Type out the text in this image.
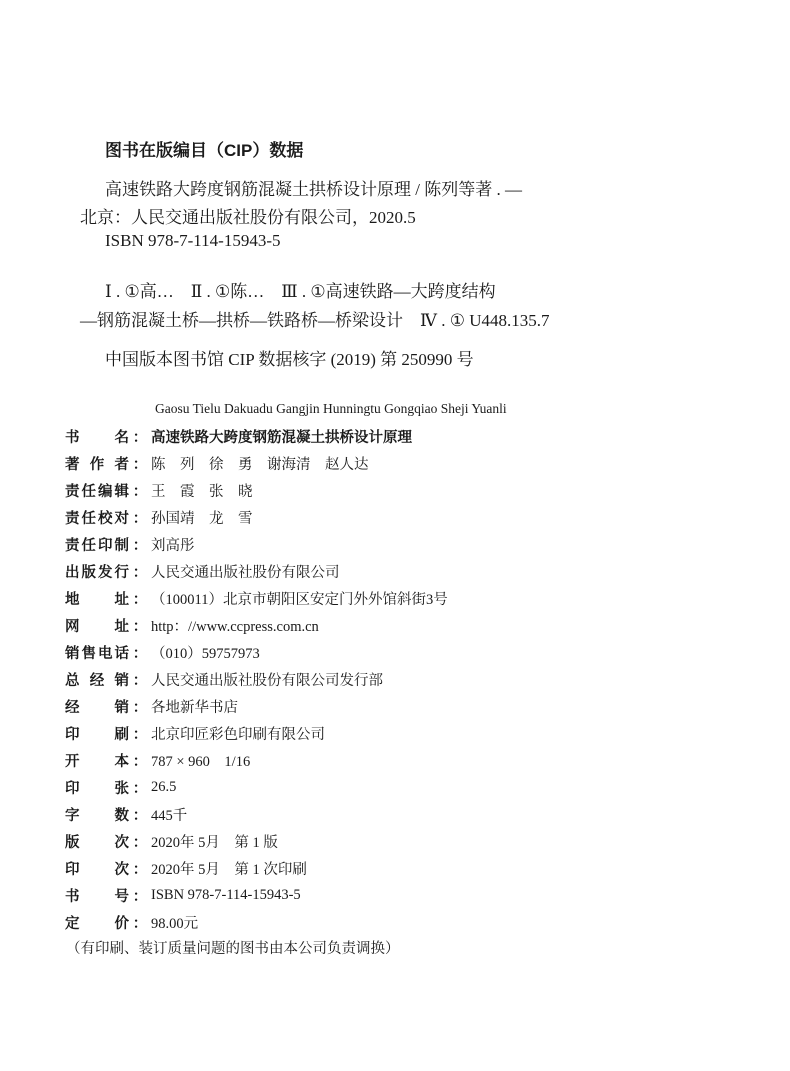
图书在版编目（CIP）数据
高速铁路大跨度钢筋混凝土拱桥设计原理 / 陈列等著 . —
北京：人民交通出版社股份有限公司，2020.5
ISBN 978-7-114-15943-5
Ⅰ . ①高…　Ⅱ . ①陈…　Ⅲ . ①高速铁路—大跨度结构
—钢筋混凝土桥—拱桥—铁路桥—桥梁设计　Ⅳ . ① U448.135.7
中国版本图书馆 CIP 数据核字 (2019) 第 250990 号
Gaosu Tielu Dakuadu Gangjin Hunningtu Gongqiao Sheji Yuanli
书名 ： 高速铁路大跨度钢筋混凝土拱桥设计原理
著作者 ： 陈　列　徐　勇　谢海清　赵人达
责任编辑 ： 王　霞　张　晓
责任校对 ： 孙国靖　龙　雪
责任印制 ： 刘高彤
出版发行 ： 人民交通出版社股份有限公司
地址 ： （100011）北京市朝阳区安定门外外馆斜街3号
网址 ： http：//www.ccpress.com.cn
销售电话 ： （010）59757973
总经销 ： 人民交通出版社股份有限公司发行部
经销 ： 各地新华书店
印刷 ： 北京印匠彩色印刷有限公司
开本 ： 787 × 960　1/16
印张 ： 26.5
字数 ： 445千
版次 ： 2020年 5月　第 1 版
印次 ： 2020年 5月　第 1 次印刷
书号 ： ISBN 978-7-114-15943-5
定价 ： 98.00元
（有印刷、装订质量问题的图书由本公司负责调换）
